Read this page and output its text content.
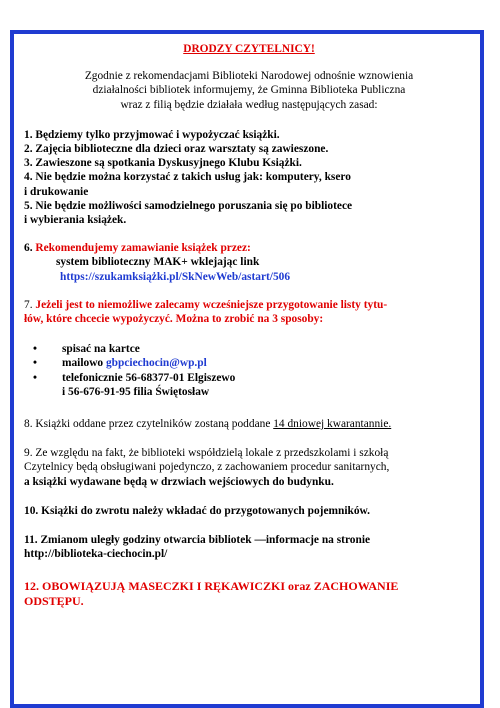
DRODZY CZYTELNICY!
Zgodnie z rekomendacjami Biblioteki Narodowej odnośnie wznowienia
działalności bibliotek informujemy, że Gminna Biblioteka Publiczna
wraz z filią będzie działała według następujących zasad:
1. Będziemy tylko przyjmować i wypożyczać książki.
2. Zajęcia biblioteczne dla dzieci oraz warsztaty są zawieszone.
3. Zawieszone są spotkania Dyskusyjnego Klubu Książki.
4. Nie będzie można korzystać z takich usług jak: komputery, ksero
i drukowanie
5. Nie będzie możliwości samodzielnego poruszania się po bibliotece
i wybierania książek.
6. Rekomendujemy zamawianie książek przez:
system biblioteczny MAK+ wklejając link
https://szukamksiążki.pl/SkNewWeb/astart/506
7. Jeżeli jest to niemożliwe zalecamy wcześniejsze przygotowanie listy tytu-
łów, które chcecie wypożyczyć. Można to zrobić na 3 sposoby:
• spisać na kartce
• mailowo gbpciechocin@wp.pl
• telefonicznie 56-68377-01 Elgiszewo
i 56-676-91-95 filia Świętosław
8. Książki oddane przez czytelników zostaną poddane 14 dniowej kwarantannie.
9. Ze względu na fakt, że biblioteki współdzielą lokale z przedszkolami i szkołą
Czytelnicy będą obsługiwani pojedynczo, z zachowaniem procedur sanitarnych,
a książki wydawane będą w drzwiach wejściowych do budynku.
10. Książki do zwrotu należy wkładać do przygotowanych pojemników.
11. Zmianom uległy godziny otwarcia bibliotek —informacje na stronie
http://biblioteka-ciechocin.pl/
12. OBOWIĄZUJĄ MASECZKI I RĘKAWICZKI oraz ZACHOWANIE
ODSTĘPU.
